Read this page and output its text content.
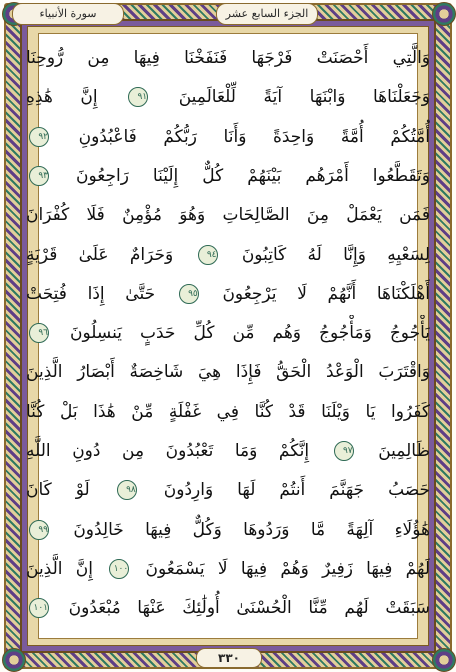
الجزء السابع عشر
سورة الأنبياء
وَالَّتِي أَحْصَنَتْ فَرْجَهَا فَنَفَخْنَا فِيهَا مِن رُّوحِنَا
وَجَعَلْنَاهَا وَابْنَهَا آيَةً لِّلْعَالَمِينَ ٩١ إِنَّ هَٰذِهِ
أُمَّتُكُمْ أُمَّةً وَاحِدَةً وَأَنَا رَبُّكُمْ فَاعْبُدُونِ ٩٢
وَتَقَطَّعُوا أَمْرَهُم بَيْنَهُمْ كُلٌّ إِلَيْنَا رَاجِعُونَ ٩٣
فَمَن يَعْمَلْ مِنَ الصَّالِحَاتِ وَهُوَ مُؤْمِنٌ فَلَا كُفْرَانَ
لِسَعْيِهِ وَإِنَّا لَهُ كَاتِبُونَ ٩٤ وَحَرَامٌ عَلَىٰ قَرْيَةٍ
أَهْلَكْنَاهَا أَنَّهُمْ لَا يَرْجِعُونَ ٩٥ حَتَّىٰ إِذَا فُتِحَتْ
يَأْجُوجُ وَمَأْجُوجُ وَهُم مِّن كُلِّ حَدَبٍ يَنسِلُونَ ٩٦
وَاقْتَرَبَ الْوَعْدُ الْحَقُّ فَإِذَا هِيَ شَاخِصَةٌ أَبْصَارُ الَّذِينَ
كَفَرُوا يَا وَيْلَنَا قَدْ كُنَّا فِي غَفْلَةٍ مِّنْ هَٰذَا بَلْ كُنَّا
ظَالِمِينَ ٩٧ إِنَّكُمْ وَمَا تَعْبُدُونَ مِن دُونِ اللَّهِ
حَصَبُ جَهَنَّمَ أَنتُمْ لَهَا وَارِدُونَ ٩٨ لَوْ كَانَ
هَٰؤُلَاءِ آلِهَةً مَّا وَرَدُوهَا وَكُلٌّ فِيهَا خَالِدُونَ ٩٩
لَهُمْ فِيهَا زَفِيرٌ وَهُمْ فِيهَا لَا يَسْمَعُونَ ١٠٠ إِنَّ الَّذِينَ
سَبَقَتْ لَهُم مِّنَّا الْحُسْنَىٰ أُولَٰئِكَ عَنْهَا مُبْعَدُونَ ١٠١
٣٣٠
